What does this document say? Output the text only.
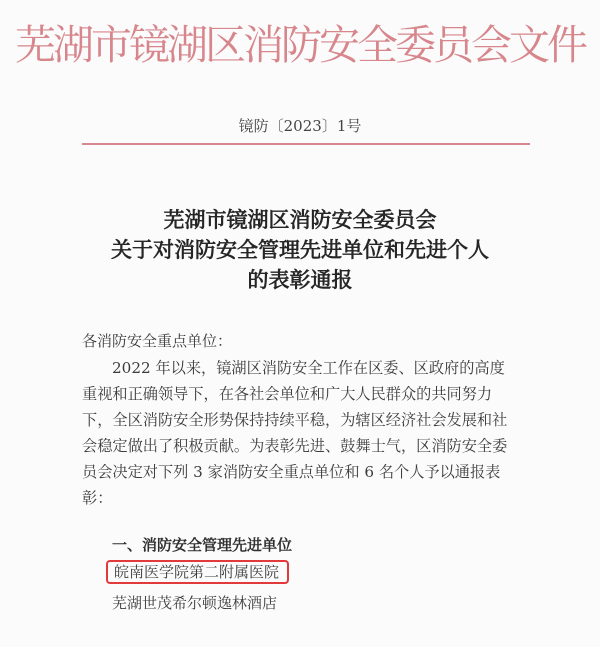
芜湖市镜湖区消防安全委员会文件
镜防〔2023〕1号
芜湖市镜湖区消防安全委员会
关于对消防安全管理先进单位和先进个人
的表彰通报
各消防安全重点单位：
2022 年以来，镜湖区消防安全工作在区委、区政府的高度
重视和正确领导下，在各社会单位和广大人民群众的共同努力
下，全区消防安全形势保持持续平稳，为辖区经济社会发展和社
会稳定做出了积极贡献。为表彰先进、鼓舞士气，区消防安全委
员会决定对下列 3 家消防安全重点单位和 6 名个人予以通报表
彰：
一、消防安全管理先进单位
皖南医学院第二附属医院
芜湖世茂希尔顿逸林酒店
